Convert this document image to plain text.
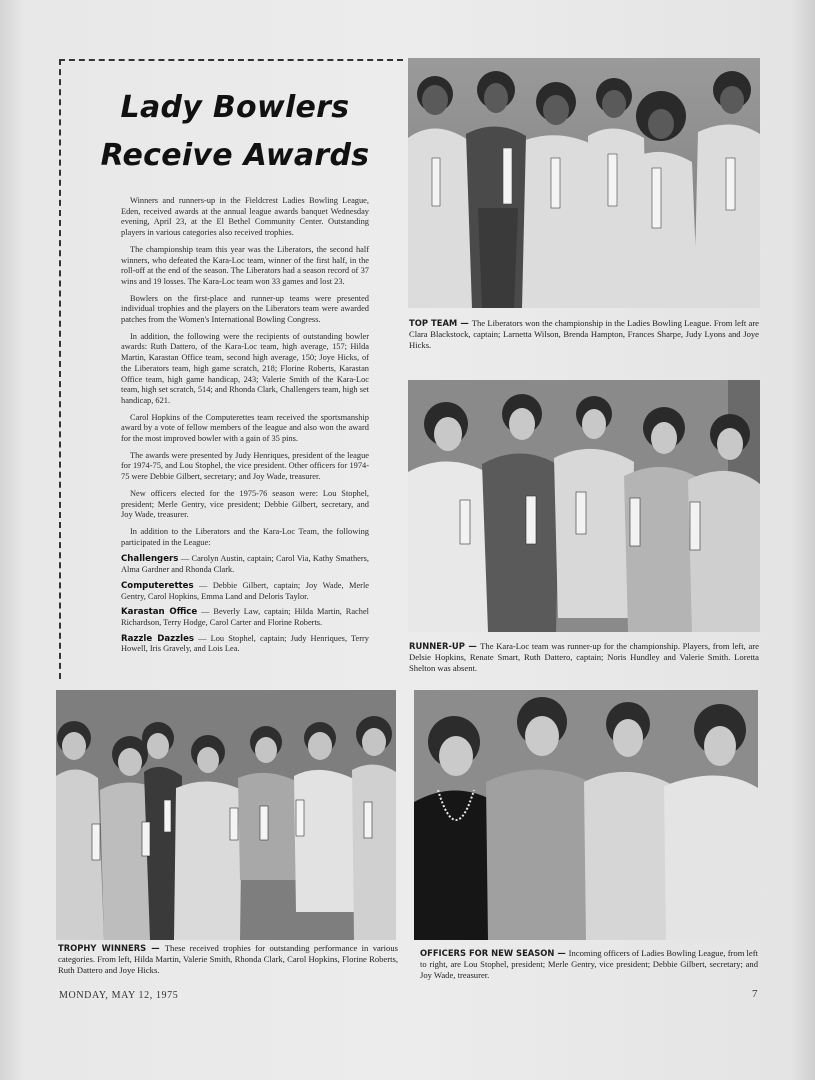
Lady Bowlers
Receive Awards

Winners and runners-up in the Fieldcrest Ladies Bowling League, Eden, received awards at the annual league awards banquet Wednesday evening, April 23, at the El Bethel Community Center. Outstanding players in various categories also received trophies.

The championship team this year was the Liberators, the second half winners, who defeated the Kara-Loc team, winner of the first half, in the roll-off at the end of the season. The Liberators had a season record of 37 wins and 19 losses. The Kara-Loc team won 33 games and lost 23.

Bowlers on the first-place and runner-up teams were presented individual trophies and the players on the Liberators team were awarded patches from the Women's International Bowling Congress.

In addition, the following were the recipients of outstanding bowler awards: Ruth Dattero, of the Kara-Loc team, high average, 157; Hilda Martin, Karastan Office team, second high average, 150; Joye Hicks, of the Liberators team, high game scratch, 218; Florine Roberts, Karastan Office team, high game handicap, 243; Valerie Smith of the Kara-Loc team, high set scratch, 514; and Rhonda Clark, Challengers team, high set handicap, 621.

Carol Hopkins of the Computerettes team received the sportsmanship award by a vote of fellow members of the league and also won the award for the most improved bowler with a gain of 35 pins.

The awards were presented by Judy Henriques, president of the league for 1974-75, and Lou Stophel, the vice president. Other officers for 1974-75 were Debbie Gilbert, secretary; and Joy Wade, treasurer.

New officers elected for the 1975-76 season were: Lou Stophel, president; Merle Gentry, vice president; Debbie Gilbert, secretary, and Joy Wade, treasurer.

In addition to the Liberators and the Kara-Loc Team, the following participated in the League:

Challengers — Carolyn Austin, captain; Carol Via, Kathy Smathers, Alma Gardner and Rhonda Clark.

Computerettes — Debbie Gilbert, captain; Joy Wade, Merle Gentry, Carol Hopkins, Emma Land and Deloris Taylor.

Karastan Office — Beverly Law, captain; Hilda Martin, Rachel Richardson, Terry Hodge, Carol Carter and Florine Roberts.

Razzle Dazzles — Lou Stophel, captain; Judy Henriques, Terry Howell, Iris Gravely, and Lois Lea.

TOP TEAM — The Liberators won the championship in the Ladies Bowling League. From left are Clara Blackstock, captain; Larnetta Wilson, Brenda Hampton, Frances Sharpe, Judy Lyons and Joye Hicks.
RUNNER-UP — The Kara-Loc team was runner-up for the championship. Players, from left, are Delsie Hopkins, Renate Smart, Ruth Dattero, captain; Noris Hundley and Valerie Smith. Loretta Shelton was absent.
TROPHY WINNERS — These received trophies for outstanding performance in various categories. From left, Hilda Martin, Valerie Smith, Rhonda Clark, Carol Hopkins, Florine Roberts, Ruth Dattero and Joye Hicks.
OFFICERS FOR NEW SEASON — Incoming officers of Ladies Bowling League, from left to right, are Lou Stophel, president; Merle Gentry, vice president; Debbie Gilbert, secretary; and Joy Wade, treasurer.
MONDAY, MAY 12, 1975	7
